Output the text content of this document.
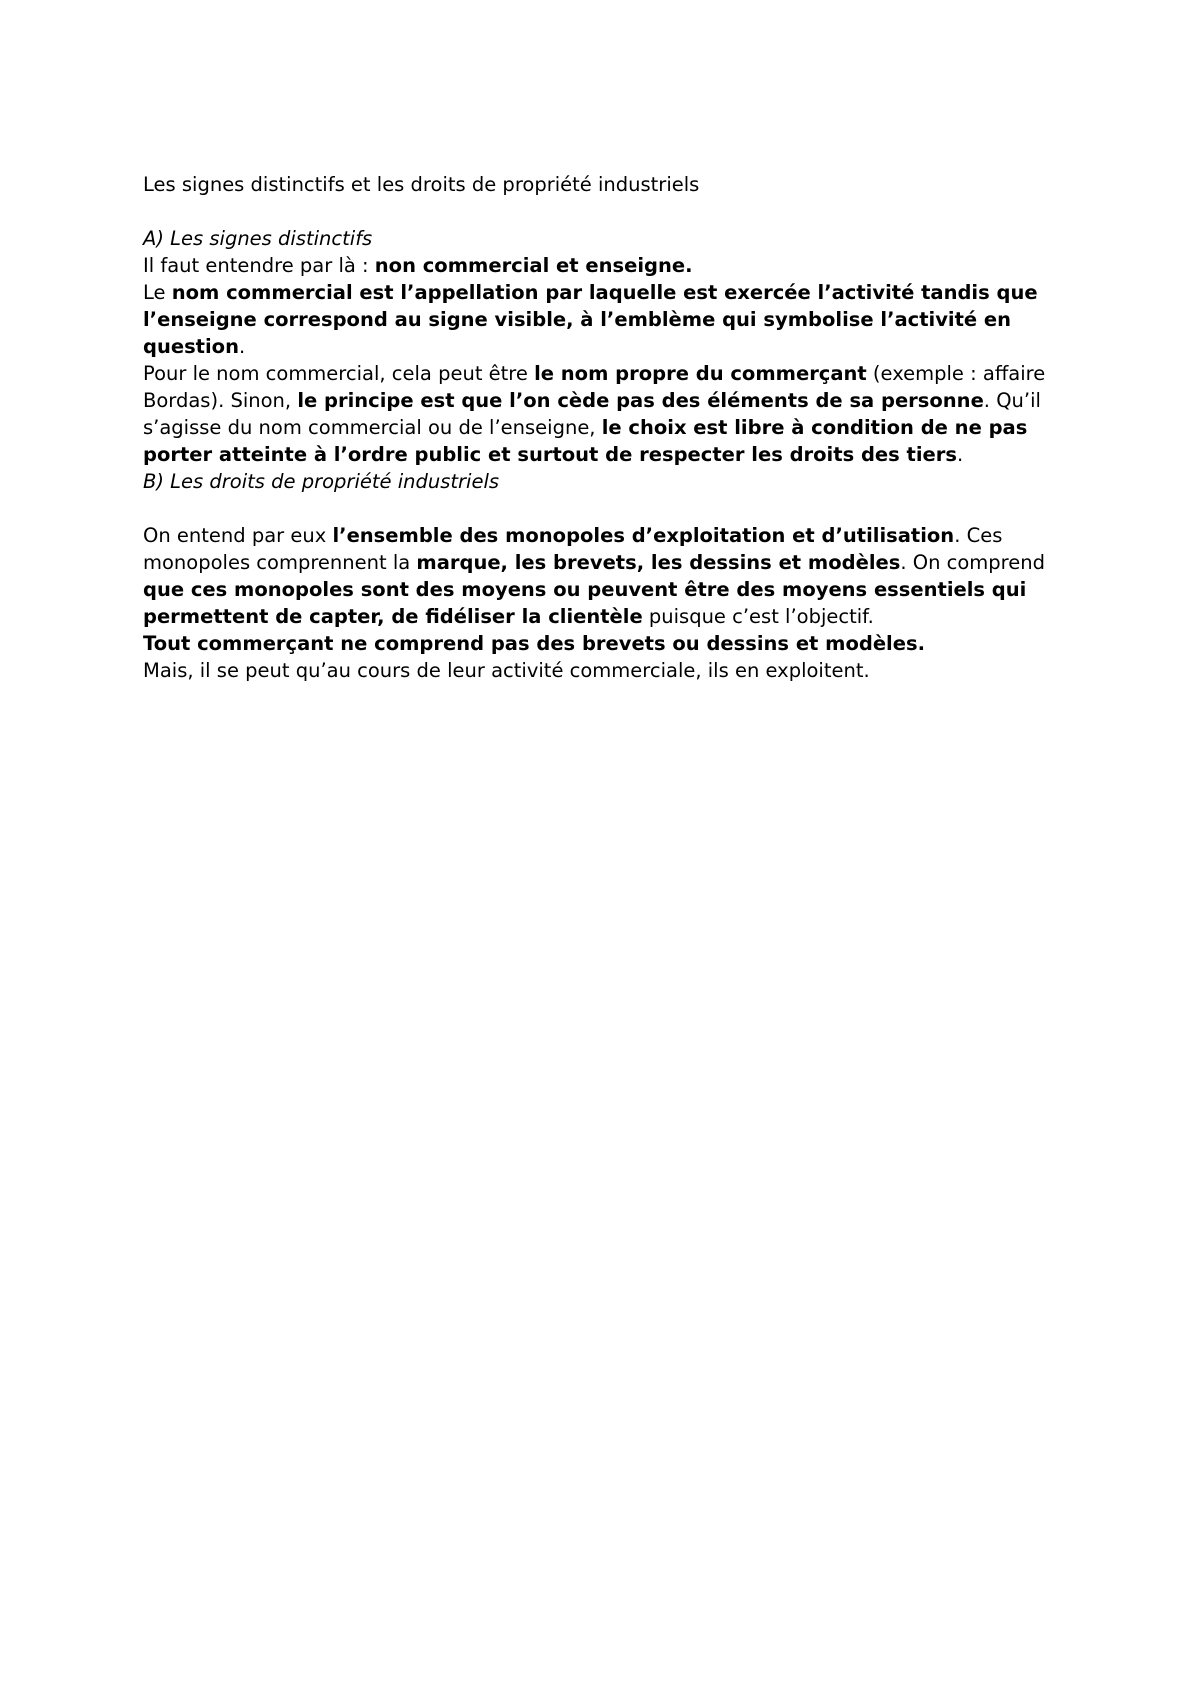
Les signes distinctifs et les droits de propriété industriels

A) Les signes distinctifs

Il faut entendre par là : non commercial et enseigne.

Le nom commercial est l’appellation par laquelle est exercée l’activité tandis que l’enseigne correspond au signe visible, à l’emblème qui symbolise l’activité en question.

Pour le nom commercial, cela peut être le nom propre du commerçant (exemple : affaire Bordas). Sinon, le principe est que l’on cède pas des éléments de sa personne. Qu’il s’agisse du nom commercial ou de l’enseigne, le choix est libre à condition de ne pas porter atteinte à l’ordre public et surtout de respecter les droits des tiers.

B) Les droits de propriété industriels

On entend par eux l’ensemble des monopoles d’exploitation et d’utilisation. Ces monopoles comprennent la marque, les brevets, les dessins et modèles. On comprend que ces monopoles sont des moyens ou peuvent être des moyens essentiels qui permettent de capter, de fidéliser la clientèle puisque c’est l’objectif.

Tout commerçant ne comprend pas des brevets ou dessins et modèles.

Mais, il se peut qu’au cours de leur activité commerciale, ils en exploitent.
